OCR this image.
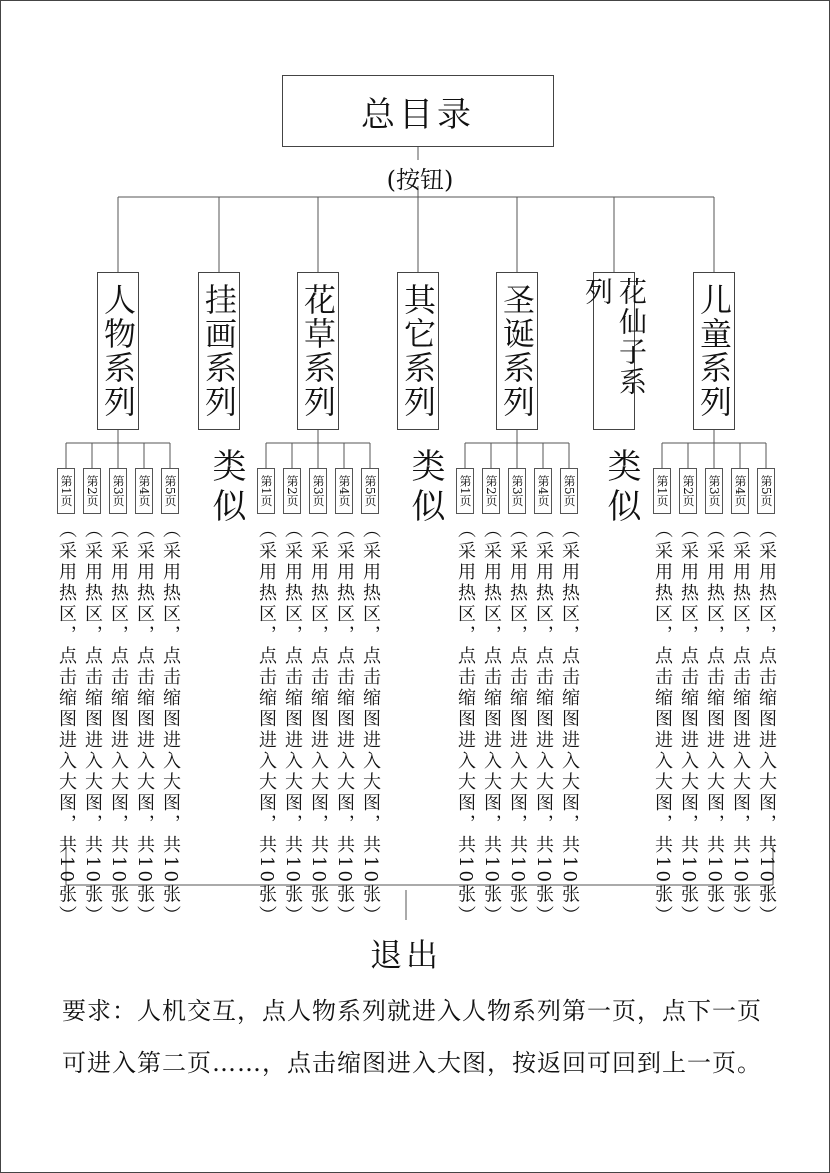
总目录
(按钮)
人物系列
第1页
（采用热区，点击缩图进入大图，共10张）
第2页
（采用热区，点击缩图进入大图，共10张）
第3页
（采用热区，点击缩图进入大图，共10张）
第4页
（采用热区，点击缩图进入大图，共10张）
第5页
（采用热区，点击缩图进入大图，共10张）
挂画系列
类似
花草系列
第1页
（采用热区，点击缩图进入大图，共10张）
第2页
（采用热区，点击缩图进入大图，共10张）
第3页
（采用热区，点击缩图进入大图，共10张）
第4页
（采用热区，点击缩图进入大图，共10张）
第5页
（采用热区，点击缩图进入大图，共10张）
其它系列
类似
圣诞系列
第1页
（采用热区，点击缩图进入大图，共10张）
第2页
（采用热区，点击缩图进入大图，共10张）
第3页
（采用热区，点击缩图进入大图，共10张）
第4页
（采用热区，点击缩图进入大图，共10张）
第5页
（采用热区，点击缩图进入大图，共10张）
花仙子系列
类似
儿童系列
第1页
（采用热区，点击缩图进入大图，共10张）
第2页
（采用热区，点击缩图进入大图，共10张）
第3页
（采用热区，点击缩图进入大图，共10张）
第4页
（采用热区，点击缩图进入大图，共10张）
第5页
（采用热区，点击缩图进入大图，共10张）
退出
要求：人机交互，点人物系列就进入人物系列第一页，点下一页可进入第二页……，点击缩图进入大图，按返回可回到上一页。
